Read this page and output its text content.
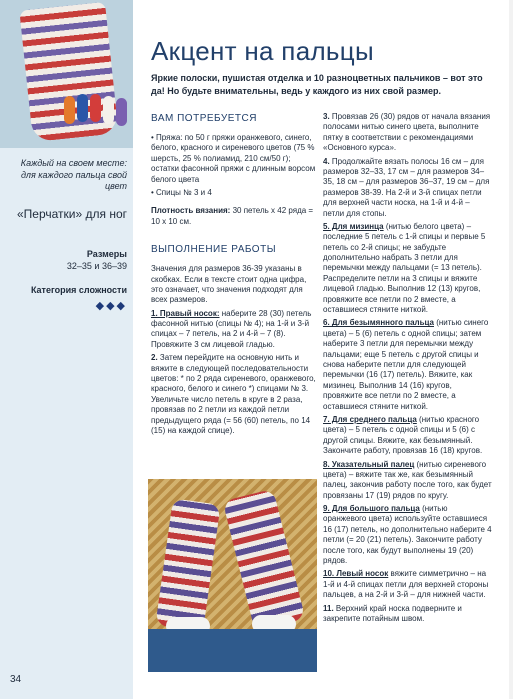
Каждый на своем месте: для каждого пальца свой цвет
«Перчатки» для ног
Размеры
32–35 и 36–39
Категория сложности
◆◆◆
34
Акцент на пальцы
Яркие полоски, пушистая отделка и 10 разноцветных пальчиков – вот это да! Но будьте внимательны, ведь у каждого из них свой размер.
ВАМ ПОТРЕБУЕТСЯ

• Пряжа: по 50 г пряжи оранжевого, синего, белого, красного и сиреневого цветов (75 % шерсть, 25 % полиамид, 210 см/50 г); остатки фасонной пряжи с длинным ворсом белого цвета

• Спицы № 3 и 4

Плотность вязания: 30 петель x 42 ряда = 10 x 10 см.

ВЫПОЛНЕНИЕ РАБОТЫ

Значения для размеров 36-39 указаны в скобках. Если в тексте стоит одна цифра, это означает, что значения подходят для всех размеров.

1. Правый носок: наберите 28 (30) петель фасонной нитью (спицы № 4); на 1-й и 3-й спицах – 7 петель, на 2 и 4-й – 7 (8). Провяжите 3 см лицевой гладью.

2. Затем перейдите на основную нить и вяжите в следующей последовательности цветов: * по 2 ряда сиреневого, оранжевого, красного, белого и синего *) спицами № 3. Увеличьте число петель в круге в 2 раза, провязав по 2 петли из каждой петли предыдущего ряда (= 56 (60) петель, по 14 (15) на каждой спице).

3. Провязав 26 (30) рядов от начала вязания полосами нитью синего цвета, выполните пятку в соответствии с рекомендациями «Основного курса».

4. Продолжайте вязать полосы 16 см – для размеров 32–33, 17 см – для размеров 34–35, 18 см – для размеров 36–37, 19 см – для размеров 38-39. На 2-й и 3-й спицах петли для верхней части носка, на 1-й и 4-й – петли для стопы.

5. Для мизинца (нитью белого цвета) – последние 5 петель с 1-й спицы и первые 5 петель со 2-й спицы; не забудьте дополнительно набрать 3 петли для перемычки между пальцами (= 13 петель). Распределите петли на 3 спицы и вяжите лицевой гладью. Выполнив 12 (13) кругов, провяжите все петли по 2 вместе, а оставшиеся стяните ниткой.

6. Для безымянного пальца (нитью синего цвета) – 5 (6) петель с одной спицы; затем наберите 3 петли для перемычки между пальцами; еще 5 петель с другой спицы и снова наберите петли для следующей перемычки (16 (17) петель). Вяжите, как мизинец. Выполнив 14 (16) кругов, провяжите все петли по 2 вместе, а оставшиеся стяните ниткой.

7. Для среднего пальца (нитью красного цвета) – 5 петель с одной спицы и 5 (6) с другой спицы. Вяжите, как безымянный. Закончите работу, провязав 16 (18) кругов.

8. Указательный палец (нитью сиреневого цвета) – вяжите так же, как безымянный палец, закончив работу после того, как будет провязаны 17 (19) рядов по кругу.

9. Для большого пальца (нитью оранжевого цвета) используйте оставшиеся 16 (17) петель, но дополнительно наберите 4 петли (= 20 (21) петель). Закончите работу после того, как будут выполнены 19 (20) рядов.

10. Левый носок вяжите симметрично – на 1-й и 4-й спицах петли для верхней стороны пальцев, а на 2-й и 3-й – для нижней части.

11. Верхний край носка подверните и закрепите потайным швом.
